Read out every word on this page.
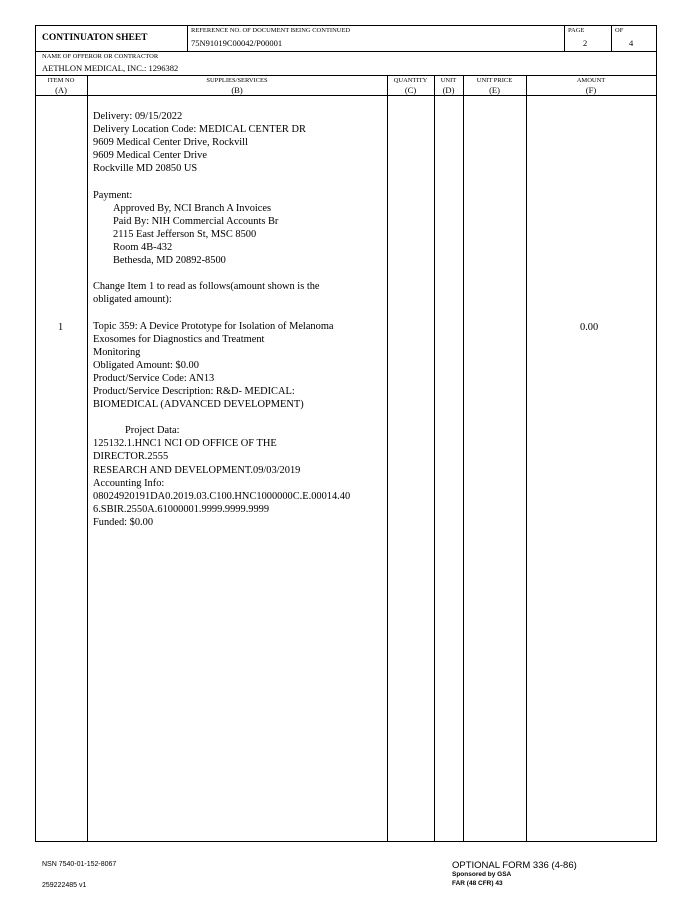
CONTINUATON SHEET
REFERENCE NO. OF DOCUMENT BEING CONTINUED
75N91019C00042/P00001
PAGE
2
OF
4
NAME OF OFFEROR OR CONTRACTOR
AETHLON MEDICAL, INC.: 1296382
ITEM NO
(A)
SUPPLIES/SERVICES
(B)
QUANTITY
(C)
UNIT
(D)
UNIT PRICE
(E)
AMOUNT
(F)
1	0.00
Delivery: 09/15/2022
Delivery Location Code: MEDICAL CENTER DR
9609 Medical Center Drive, Rockvill
9609 Medical Center Drive
Rockville MD 20850 US
Payment:
Approved By, NCI Branch A Invoices
Paid By: NIH Commercial Accounts Br
2115 East Jefferson St, MSC 8500
Room 4B-432
Bethesda, MD 20892-8500
Change Item 1 to read as follows(amount shown is the
obligated amount):
Topic 359: A Device Prototype for Isolation of Melanoma
Exosomes for Diagnostics and Treatment
Monitoring
Obligated Amount: $0.00
Product/Service Code: AN13
Product/Service Description: R&D- MEDICAL:
BIOMEDICAL (ADVANCED DEVELOPMENT)
Project Data:
125132.1.HNC1 NCI OD OFFICE OF THE
DIRECTOR.2555
RESEARCH AND DEVELOPMENT.09/03/2019
Accounting Info:
08024920191DA0.2019.03.C100.HNC1000000C.E.00014.40
6.SBIR.2550A.61000001.9999.9999.9999
Funded: $0.00
NSN 7540-01-152-8067
259222485 v1
OPTIONAL FORM 336 (4-86)
Sponsored by GSA
FAR (48 CFR) 43
